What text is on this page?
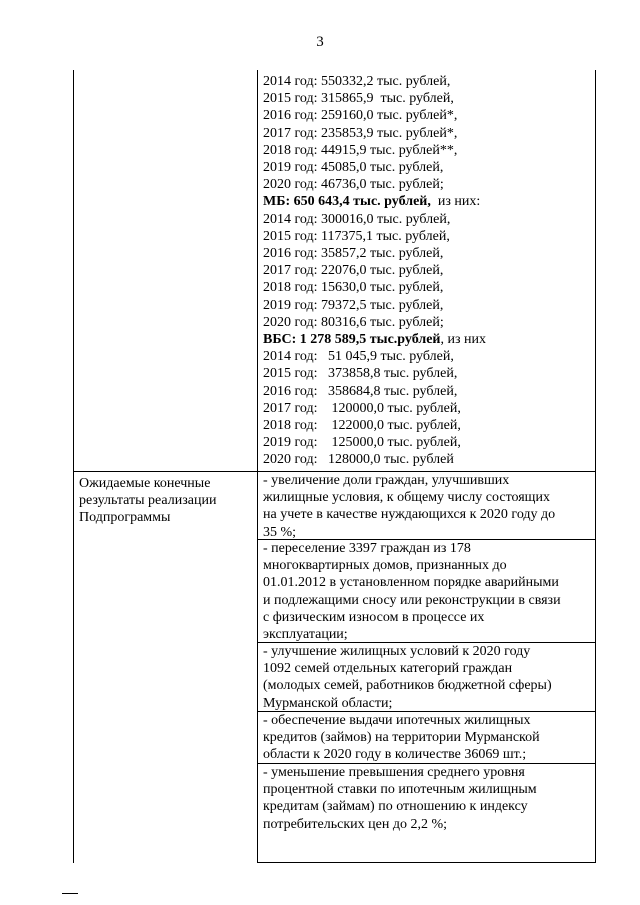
3
2014 год: 550332,2 тыс. рублей,
2015 год: 315865,9  тыс. рублей,
2016 год: 259160,0 тыс. рублей*,
2017 год: 235853,9 тыс. рублей*,
2018 год: 44915,9 тыс. рублей**,
2019 год: 45085,0 тыс. рублей,
2020 год: 46736,0 тыс. рублей;
МБ: 650 643,4 тыс. рублей,  из них:
2014 год: 300016,0 тыс. рублей,
2015 год: 117375,1 тыс. рублей,
2016 год: 35857,2 тыс. рублей,
2017 год: 22076,0 тыс. рублей,
2018 год: 15630,0 тыс. рублей,
2019 год: 79372,5 тыс. рублей,
2020 год: 80316,6 тыс. рублей;
ВБС: 1 278 589,5 тыс.рублей, из них
2014 год:   51 045,9 тыс. рублей,
2015 год:   373858,8 тыс. рублей,
2016 год:   358684,8 тыс. рублей,
2017 год:    120000,0 тыс. рублей,
2018 год:    122000,0 тыс. рублей,
2019 год:    125000,0 тыс. рублей,
2020 год:   128000,0 тыс. рублей
Ожидаемые конечные
результаты реализации
Подпрограммы
- увеличение доли граждан, улучшивших
жилищные условия, к общему числу состоящих
на учете в качестве нуждающихся к 2020 году до
35 %;
- переселение 3397 граждан из 178
многоквартирных домов, признанных до
01.01.2012 в установленном порядке аварийными
и подлежащими сносу или реконструкции в связи
с физическим износом в процессе их
эксплуатации;
- улучшение жилищных условий к 2020 году
1092 семей отдельных категорий граждан
(молодых семей, работников бюджетной сферы)
Мурманской области;
- обеспечение выдачи ипотечных жилищных
кредитов (займов) на территории Мурманской
области к 2020 году в количестве 36069 шт.;
- уменьшение превышения среднего уровня
процентной ставки по ипотечным жилищным
кредитам (займам) по отношению к индексу
потребительских цен до 2,2 %;
